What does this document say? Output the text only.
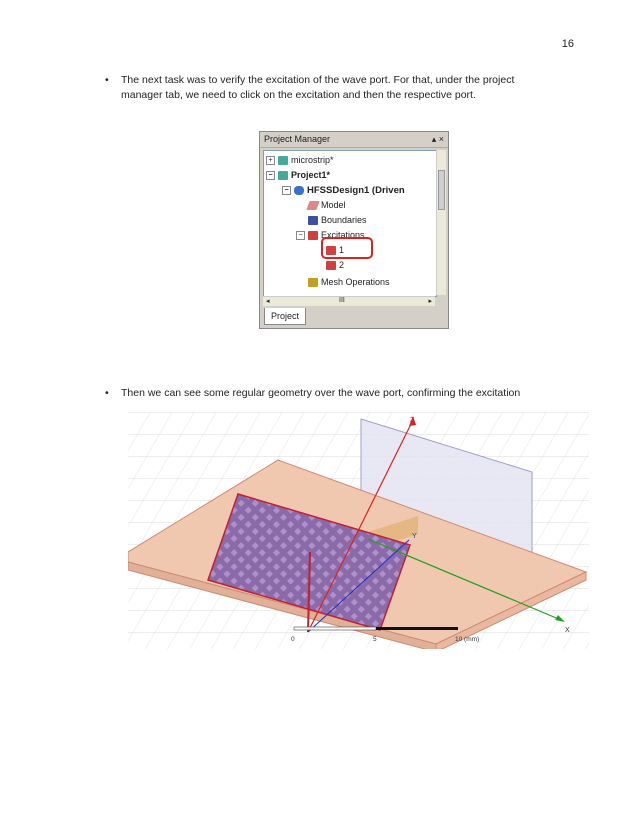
16
• The next task was to verify the excitation of the wave port. For that, under the project manager tab, we need to click on the excitation and then the respective port.
Project Manager	▴ ×
+ microstrip*
− Project1*
− HFSSDesign1 (Driven
Model
Boundaries
− Excitations
1
2
Mesh Operations
◂	III	▸
Project
• Then we can see some regular geometry over the wave port, confirming the excitation
Z
Y
X
0	5	10 (mm)
